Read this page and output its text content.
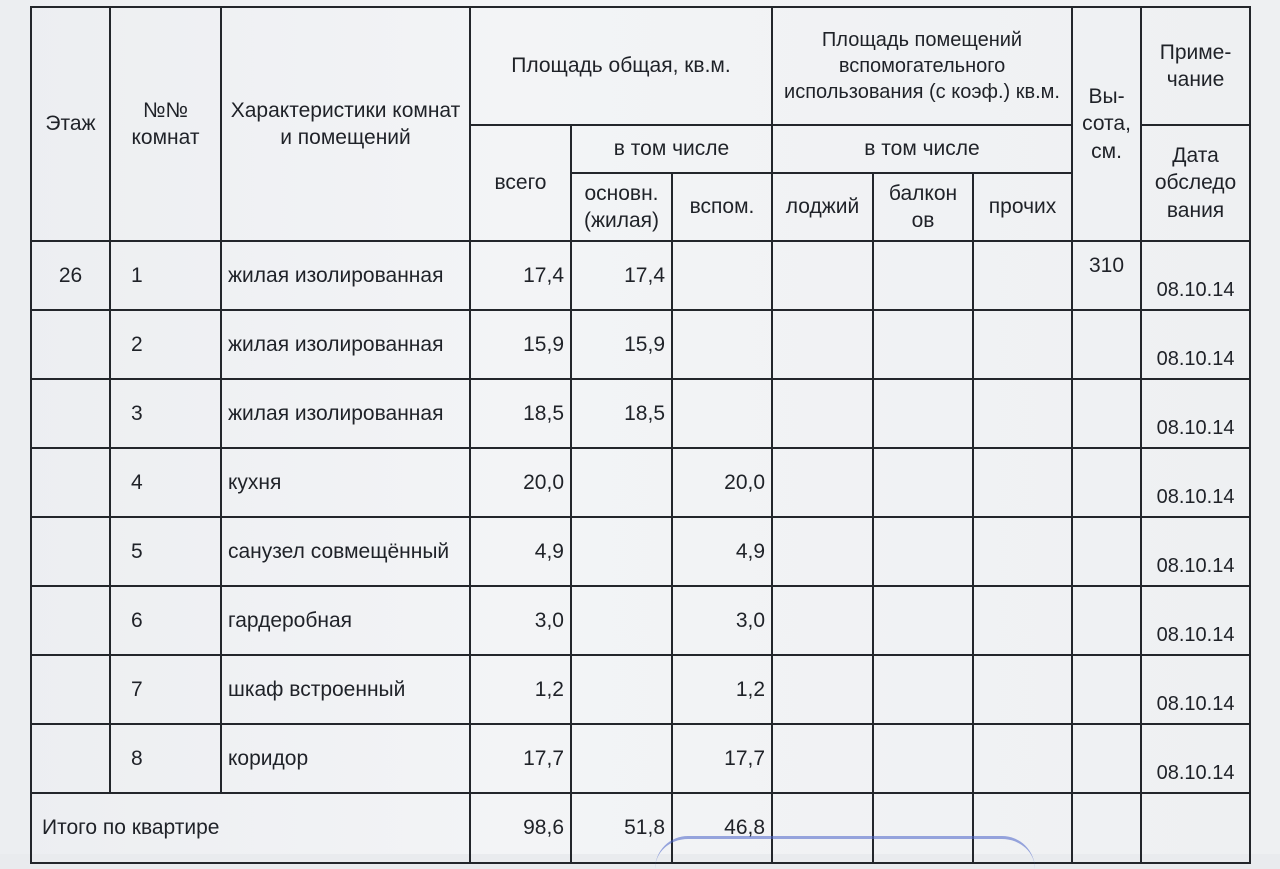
Этаж	№№ комнат	Характеристики комнат и помещений	Площадь общая, кв.м.			Площадь помещений вспомогательного использования (с коэф.) кв.м.			Вы-сота, см.	Приме-чание
			всего	в том числе		в том числе				Дата обследо вания
				основн. (жилая)	вспом.	лоджий	балкон ов	прочих		
26	1	жилая изолированная	17,4	17,4					310	08.10.14
	2	жилая изолированная	15,9	15,9						08.10.14
	3	жилая изолированная	18,5	18,5						08.10.14
	4	кухня	20,0		20,0					08.10.14
	5	санузел совмещённый	4,9		4,9					08.10.14
	6	гардеробная	3,0		3,0					08.10.14
	7	шкаф встроенный	1,2		1,2					08.10.14
	8	коридор	17,7		17,7					08.10.14
Итого по квартире			98,6	51,8	46,8					
